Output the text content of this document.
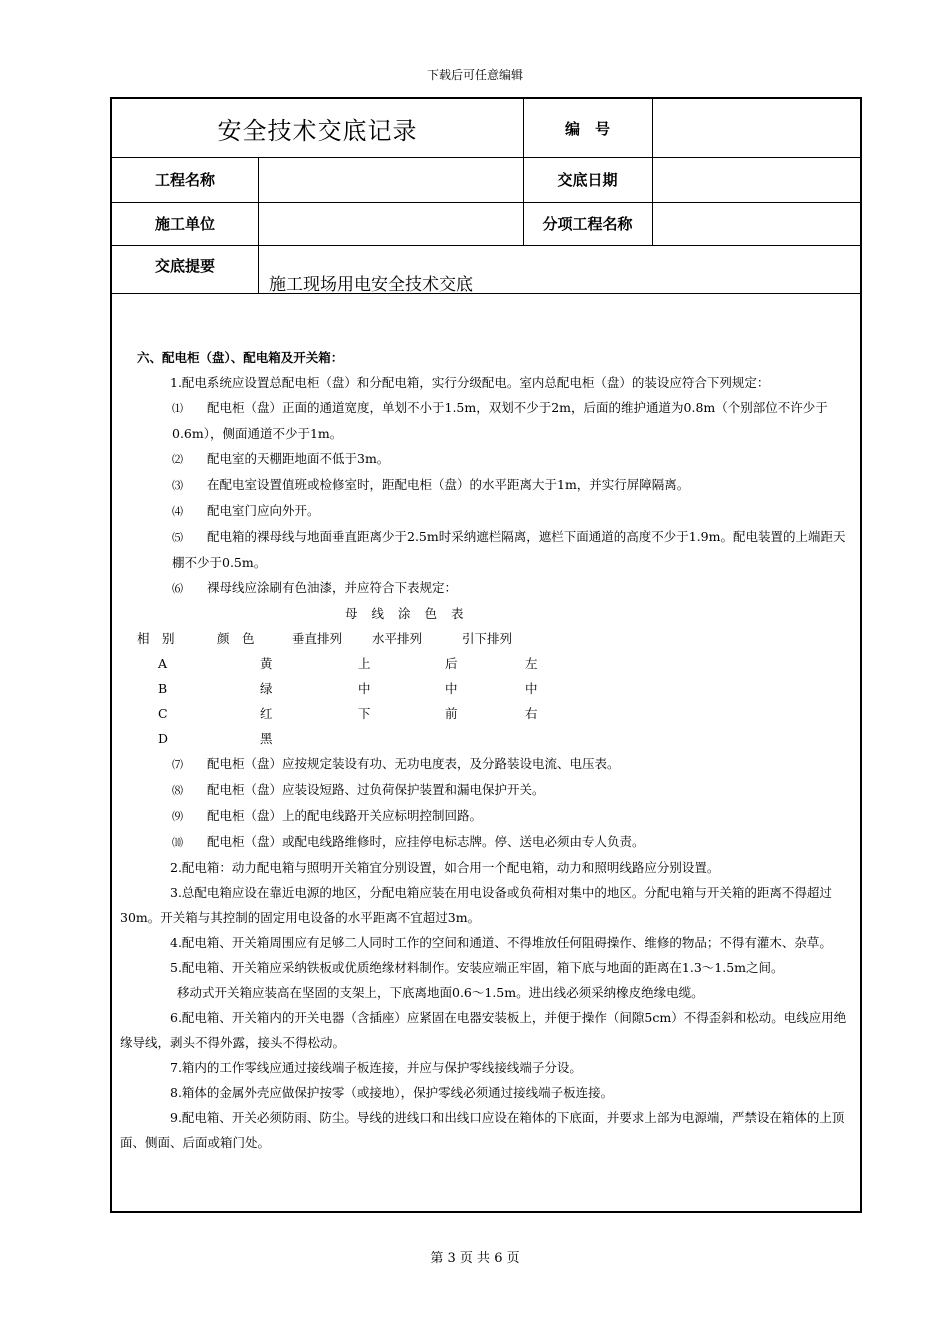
下载后可任意编辑
安全技术交底记录	编　号
工程名称	交底日期
施工单位	分项工程名称
交底提要
施工现场用电安全技术交底

六、配电柜（盘）、配电箱及开关箱：

1.配电系统应设置总配电柜（盘）和分配电箱，实行分级配电。室内总配电柜（盘）的装设应符合下列规定：

⑴ 配电柜（盘）正面的通道宽度，单划不小于1.5m，双划不少于2m，后面的维护通道为0.8m（个别部位不许少于0.6m），侧面通道不少于1m。

⑵ 配电室的天棚距地面不低于3m。

⑶ 在配电室设置值班或检修室时，距配电柜（盘）的水平距离大于1m，并实行屏障隔离。

⑷ 配电室门应向外开。

⑸ 配电箱的裸母线与地面垂直距离少于2.5m时采纳遮栏隔离，遮栏下面通道的高度不少于1.9m。配电装置的上端距天棚不少于0.5m。

⑹ 裸母线应涂刷有色油漆，并应符合下表规定：

母线涂色表

相　别	颜　色	垂直排列	水平排列	引下排列
A	黄	上	后	左
B	绿	中	中	中
C	红	下	前	右
D	黑

⑺ 配电柜（盘）应按规定装设有功、无功电度表，及分路装设电流、电压表。

⑻ 配电柜（盘）应装设短路、过负荷保护装置和漏电保护开关。

⑼ 配电柜（盘）上的配电线路开关应标明控制回路。

⑽ 配电柜（盘）或配电线路维修时，应挂停电标志牌。停、送电必须由专人负责。

2.配电箱：动力配电箱与照明开关箱宜分别设置，如合用一个配电箱，动力和照明线路应分别设置。

3.总配电箱应设在靠近电源的地区，分配电箱应装在用电设备或负荷相对集中的地区。分配电箱与开关箱的距离不得超过30m。开关箱与其控制的固定用电设备的水平距离不宜超过3m。

4.配电箱、开关箱周围应有足够二人同时工作的空间和通道、不得堆放任何阻碍操作、维修的物品；不得有灌木、杂草。

5.配电箱、开关箱应采纳铁板或优质绝缘材料制作。安装应端正牢固，箱下底与地面的距离在1.3～1.5m之间。

移动式开关箱应装高在坚固的支架上，下底离地面0.6～1.5m。进出线必须采纳橡皮绝缘电缆。

6.配电箱、开关箱内的开关电器（含插座）应紧固在电器安装板上，并便于操作（间隙5cm）不得歪斜和松动。电线应用绝缘导线，剥头不得外露，接头不得松动。

7.箱内的工作零线应通过接线端子板连接，并应与保护零线接线端子分设。

8.箱体的金属外壳应做保护按零（或接地），保护零线必须通过接线端子板连接。

9.配电箱、开关必须防雨、防尘。导线的进线口和出线口应设在箱体的下底面，并要求上部为电源端，严禁设在箱体的上顶面、侧面、后面或箱门处。

第 3 页 共 6 页
